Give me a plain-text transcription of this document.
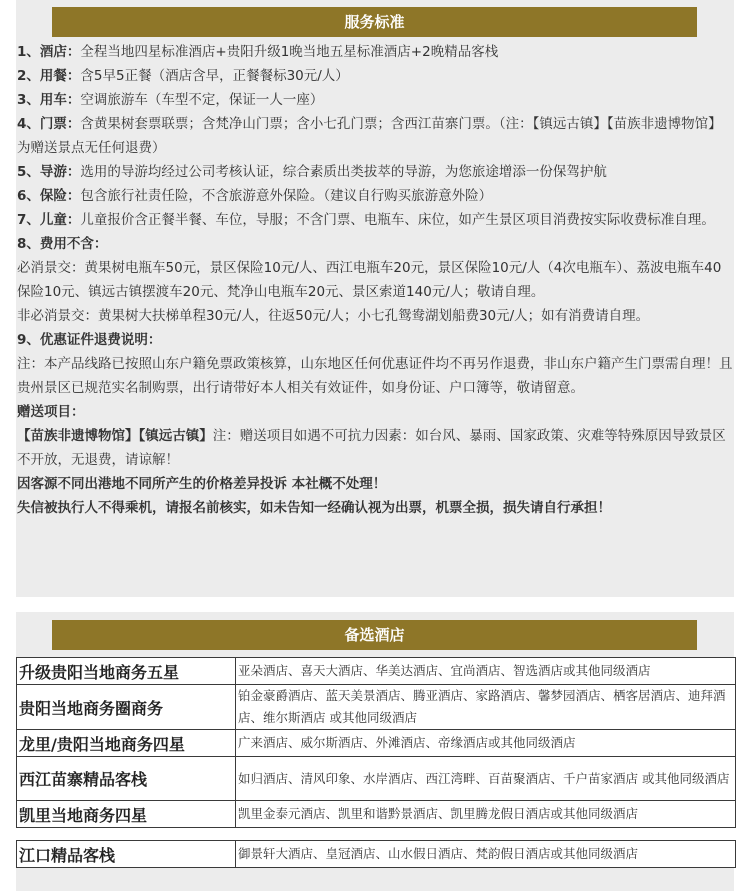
服务标准

1、酒店：全程当地四星标准酒店+贵阳升级1晚当地五星标准酒店+2晚精品客栈

2、用餐：含5早5正餐（酒店含早，正餐餐标30元/人）

3、用车：空调旅游车（车型不定，保证一人一座）

4、门票：含黄果树套票联票；含梵净山门票；含小七孔门票；含西江苗寨门票。（注：【镇远古镇】【苗族非遗博物馆】为赠送景点无任何退费）

5、导游：选用的导游均经过公司考核认证，综合素质出类拔萃的导游，为您旅途增添一份保驾护航

6、保险：包含旅行社责任险，不含旅游意外保险。（建议自行购买旅游意外险）

7、儿童：儿童报价含正餐半餐、车位，导服；不含门票、电瓶车、床位，如产生景区项目消费按实际收费标准自理。

8、费用不含：

必消景交：黄果树电瓶车50元，景区保险10元/人、西江电瓶车20元，景区保险10元/人（4次电瓶车）、荔波电瓶车40保险10元、镇远古镇摆渡车20元、梵净山电瓶车20元、景区索道140元/人；敬请自理。

非必消景交：黄果树大扶梯单程30元/人，往返50元/人；小七孔鸳鸯湖划船费30元/人；如有消费请自理。

9、优惠证件退费说明：

注：本产品线路已按照山东户籍免票政策核算，山东地区任何优惠证件均不再另作退费，非山东户籍产生门票需自理！且贵州景区已规范实名制购票，出行请带好本人相关有效证件，如身份证、户口簿等，敬请留意。

赠送项目：

【苗族非遗博物馆】【镇远古镇】注：赠送项目如遇不可抗力因素：如台风、暴雨、国家政策、灾难等特殊原因导致景区不开放，无退费，请谅解！

因客源不同出港地不同所产生的价格差异投诉 本社概不处理！

失信被执行人不得乘机，请报名前核实，如未告知一经确认视为出票，机票全损，损失请自行承担！

备选酒店
升级贵阳当地商务五星	亚朵酒店、喜天大酒店、华美达酒店、宜尚酒店、智选酒店或其他同级酒店
贵阳当地商务圈商务	铂金豪爵酒店、蓝天美景酒店、腾亚酒店、家路酒店、馨梦园酒店、栖客居酒店、迪拜酒店、维尔斯酒店 或其他同级酒店
龙里/贵阳当地商务四星	广来酒店、威尔斯酒店、外滩酒店、帝缘酒店或其他同级酒店
西江苗寨精品客栈	如归酒店、清风印象、水岸酒店、西江湾畔、百苗聚酒店、千户苗家酒店 或其他同级酒店
凯里当地商务四星	凯里金泰元酒店、凯里和谐黔景酒店、凯里腾龙假日酒店或其他同级酒店

江口精品客栈	御景轩大酒店、皇冠酒店、山水假日酒店、梵韵假日酒店或其他同级酒店
